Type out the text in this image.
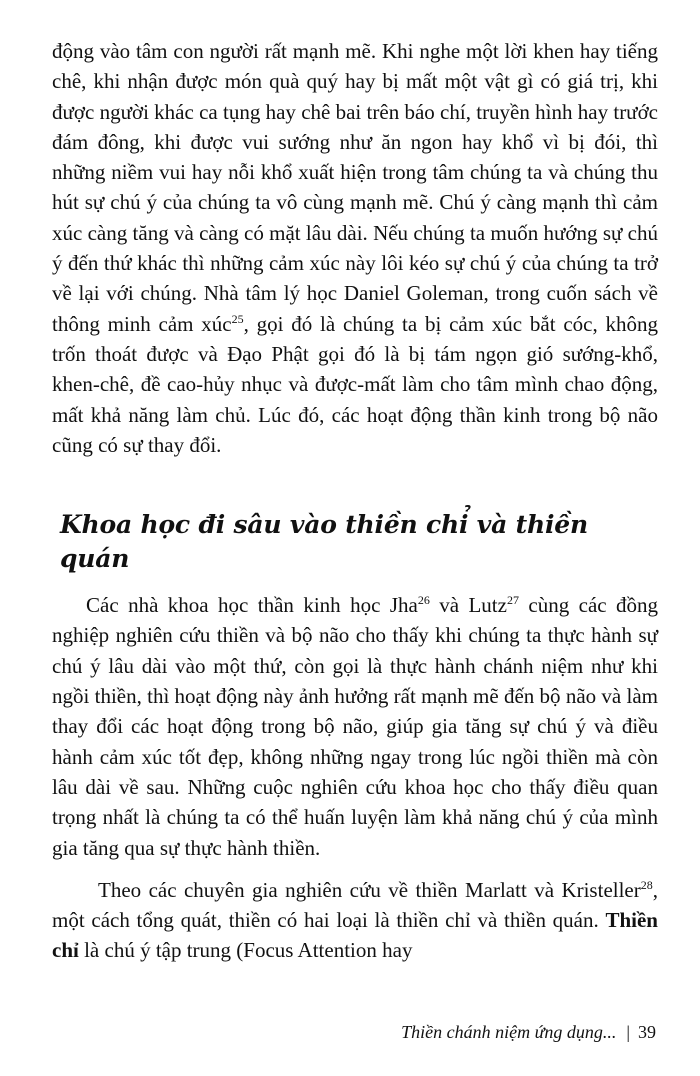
động vào tâm con người rất mạnh mẽ. Khi nghe một lời khen hay tiếng chê, khi nhận được món quà quý hay bị mất một vật gì có giá trị, khi được người khác ca tụng hay chê bai trên báo chí, truyền hình hay trước đám đông, khi được vui sướng như ăn ngon hay khổ vì bị đói, thì những niềm vui hay nỗi khổ xuất hiện trong tâm chúng ta và chúng thu hút sự chú ý của chúng ta vô cùng mạnh mẽ. Chú ý càng mạnh thì cảm xúc càng tăng và càng có mặt lâu dài. Nếu chúng ta muốn hướng sự chú ý đến thứ khác thì những cảm xúc này lôi kéo sự chú ý của chúng ta trở về lại với chúng. Nhà tâm lý học Daniel Goleman, trong cuốn sách về thông minh cảm xúc$^{25}$, gọi đó là chúng ta bị cảm xúc bắt cóc, không trốn thoát được và Đạo Phật gọi đó là bị tám ngọn gió sướng-khổ, khen-chê, đề cao-hủy nhục và được-mất làm cho tâm mình chao động, mất khả năng làm chủ. Lúc đó, các hoạt động thần kinh trong bộ não cũng có sự thay đổi.

Khoa học đi sâu vào thiền chỉ và thiền quán

Các nhà khoa học thần kinh học Jha$^{26}$ và Lutz$^{27}$ cùng các đồng nghiệp nghiên cứu thiền và bộ não cho thấy khi chúng ta thực hành sự chú ý lâu dài vào một thứ, còn gọi là thực hành chánh niệm như khi ngồi thiền, thì hoạt động này ảnh hưởng rất mạnh mẽ đến bộ não và làm thay đổi các hoạt động trong bộ não, giúp gia tăng sự chú ý và điều hành cảm xúc tốt đẹp, không những ngay trong lúc ngồi thiền mà còn lâu dài về sau. Những cuộc nghiên cứu khoa học cho thấy điều quan trọng nhất là chúng ta có thể huấn luyện làm khả năng chú ý của mình gia tăng qua sự thực hành thiền.

Theo các chuyên gia nghiên cứu về thiền Marlatt và Kristeller$^{28}$, một cách tổng quát, thiền có hai loại là thiền chỉ và thiền quán. Thiền chỉ là chú ý tập trung (Focus Attention hay

Thiền chánh niệm ứng dụng... | 39
